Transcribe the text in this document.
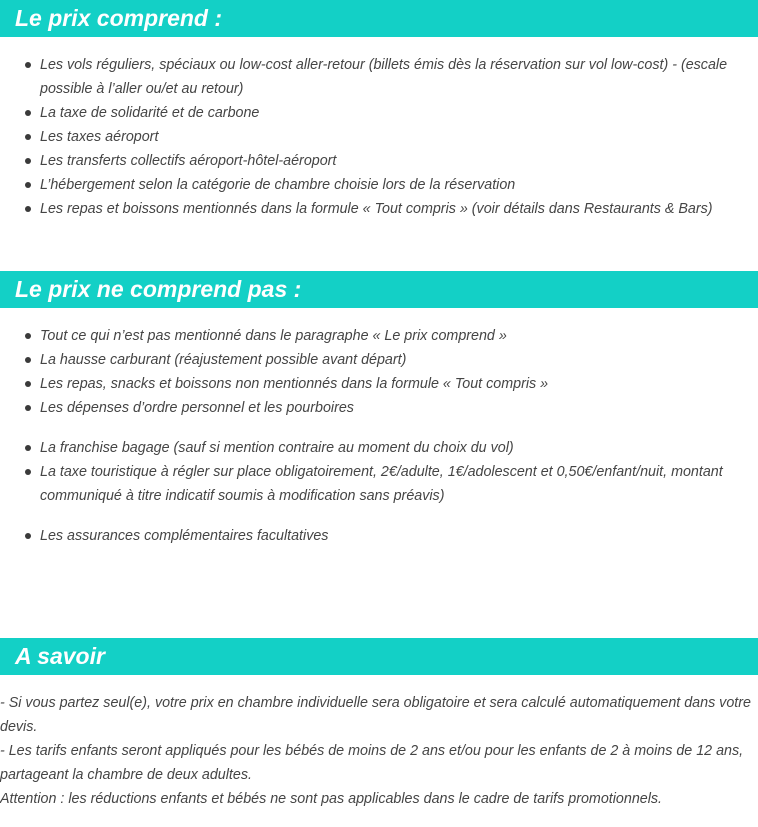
Le prix comprend :
Les vols réguliers, spéciaux ou low-cost aller-retour (billets émis dès la réservation sur vol low-cost) - (escale possible à l’aller ou/et au retour)
La taxe de solidarité et de carbone
Les taxes aéroport
Les transferts collectifs aéroport-hôtel-aéroport
L’hébergement selon la catégorie de chambre choisie lors de la réservation
Les repas et boissons mentionnés dans la formule « Tout compris » (voir détails dans Restaurants & Bars)
Le prix ne comprend pas :
Tout ce qui n’est pas mentionné dans le paragraphe « Le prix comprend »
La hausse carburant (réajustement possible avant départ)
Les repas, snacks et boissons non mentionnés dans la formule « Tout compris »
Les dépenses d’ordre personnel et les pourboires
La franchise bagage (sauf si mention contraire au moment du choix du vol)
La taxe touristique à régler sur place obligatoirement, 2€/adulte, 1€/adolescent et 0,50€/enfant/nuit, montant communiqué à titre indicatif soumis à modification sans préavis)
Les assurances complémentaires facultatives
A savoir

- Si vous partez seul(e), votre prix en chambre individuelle sera obligatoire et sera calculé automatiquement dans votre devis.

- Les tarifs enfants seront appliqués pour les bébés de moins de 2 ans et/ou pour les enfants de 2 à moins de 12 ans, partageant la chambre de deux adultes.

Attention : les réductions enfants et bébés ne sont pas applicables dans le cadre de tarifs promotionnels.
